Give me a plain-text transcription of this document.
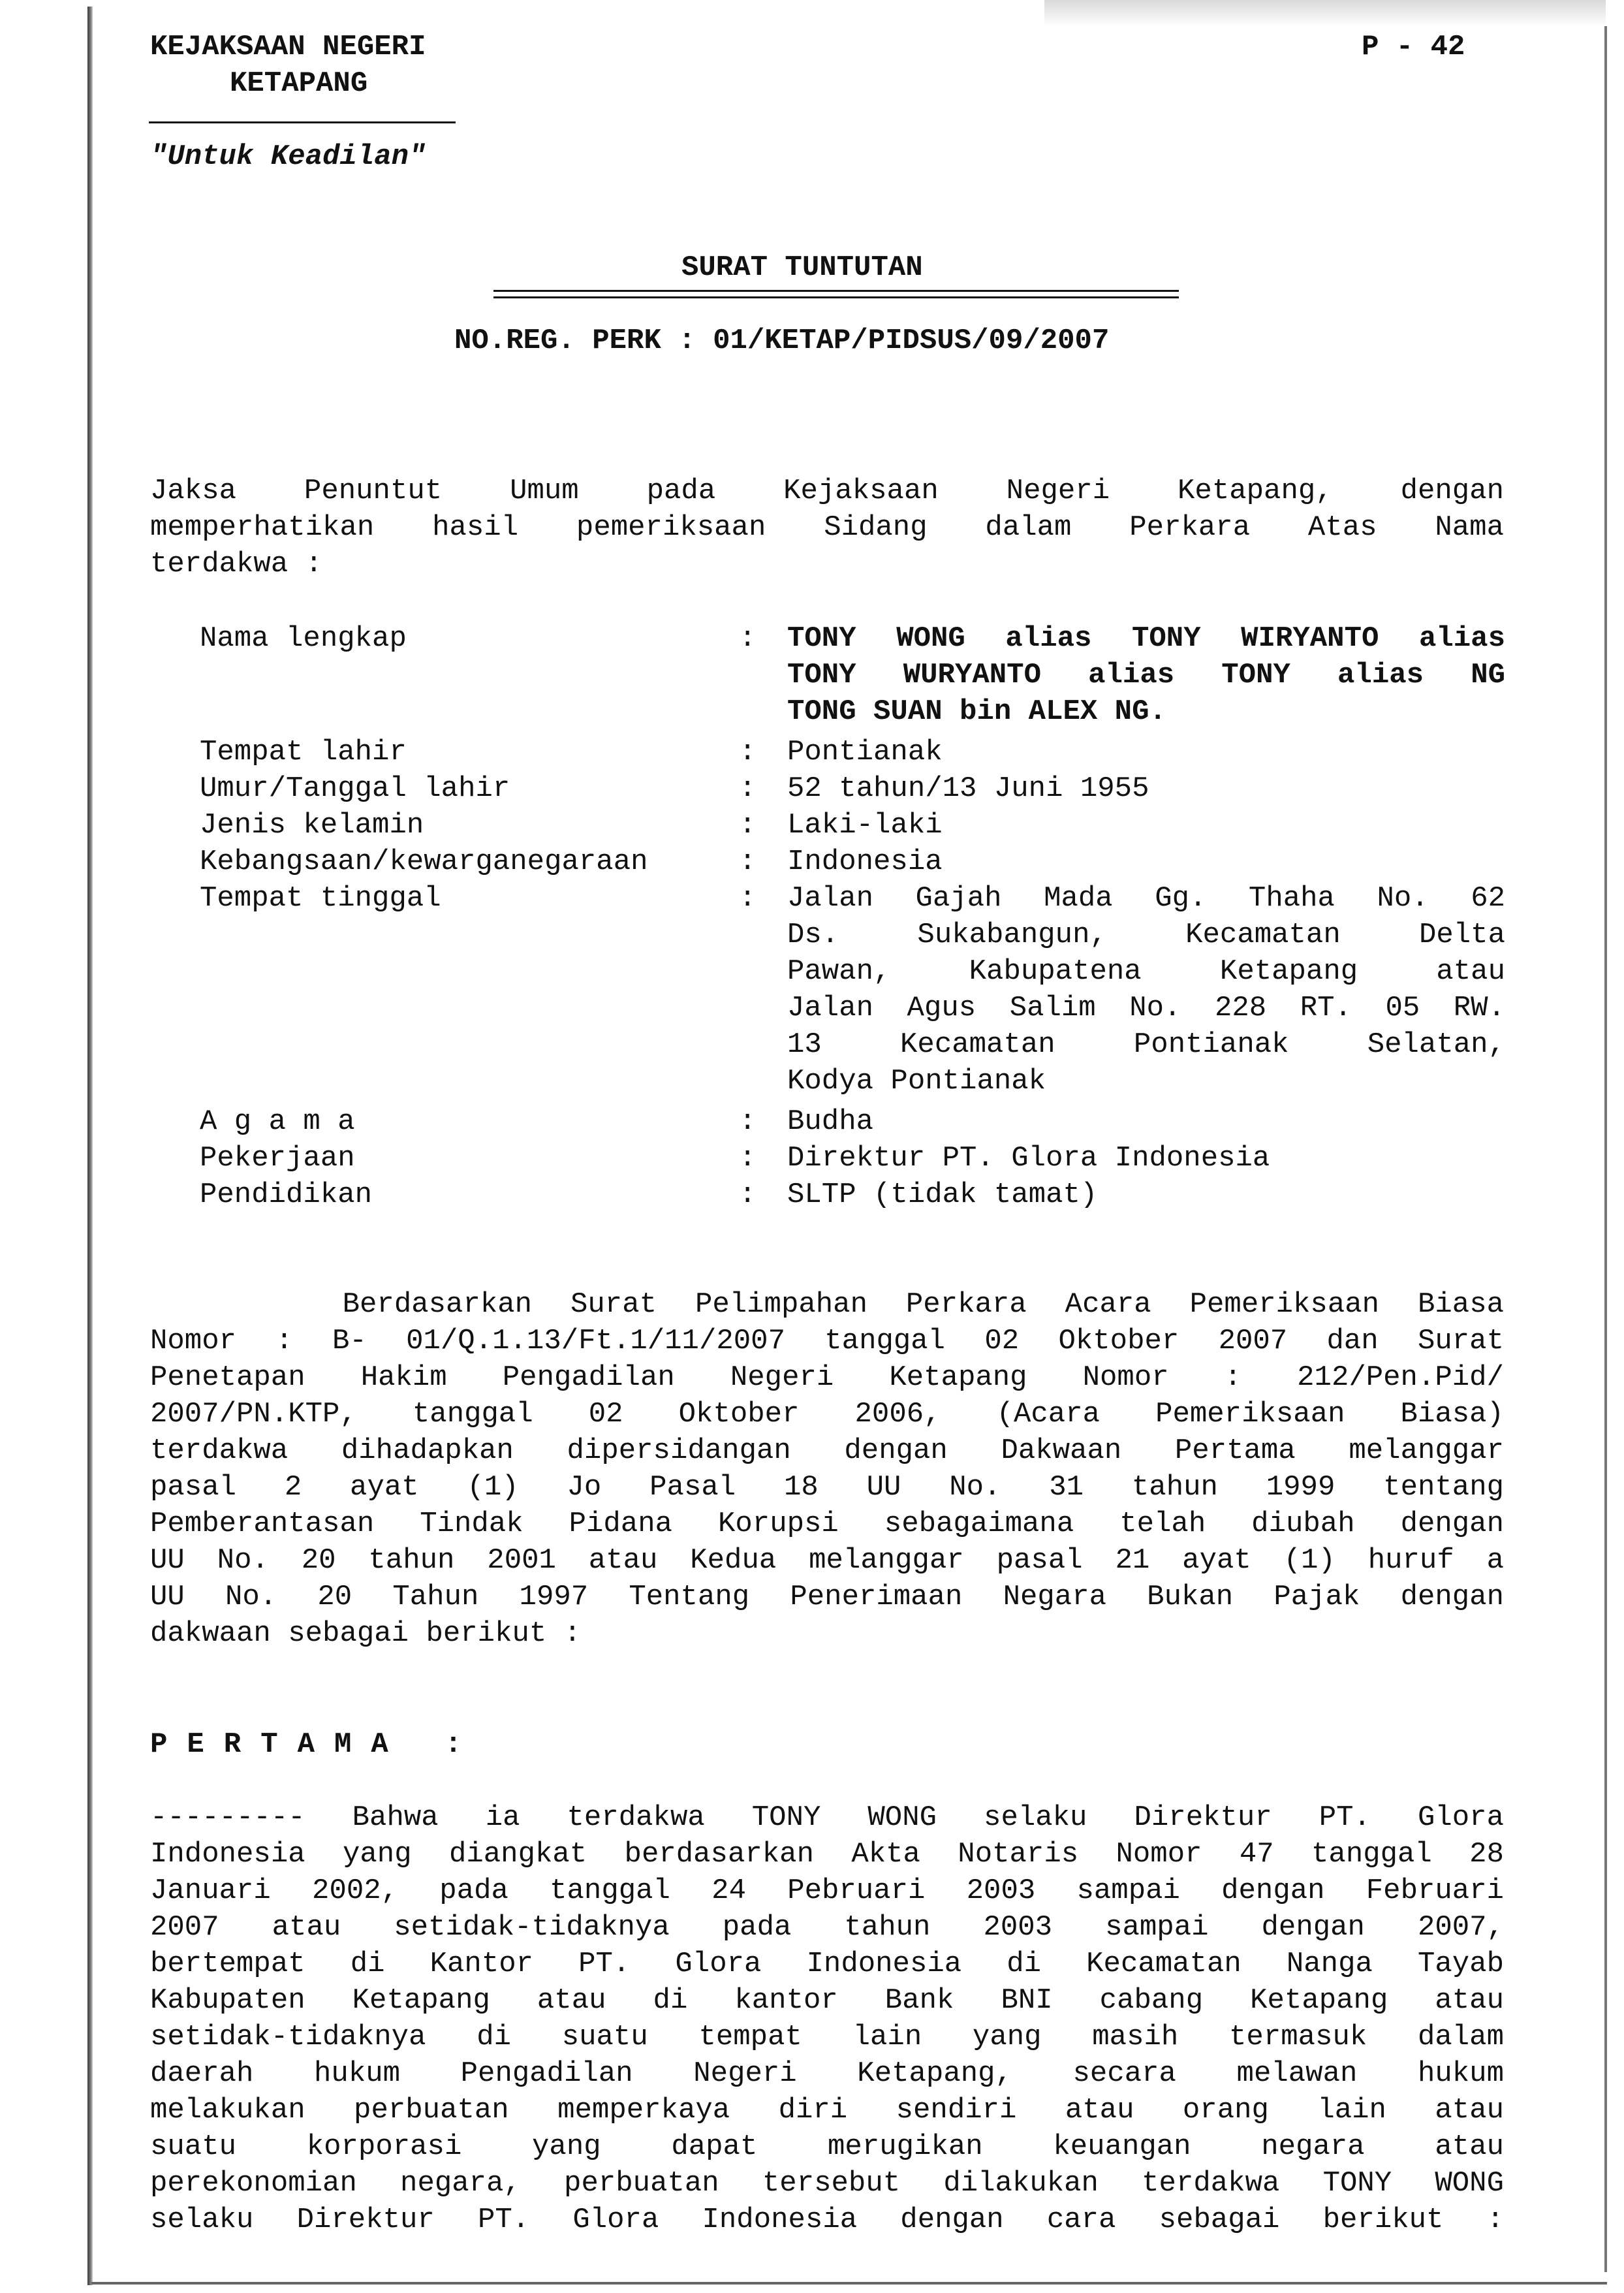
KEJAKSAAN NEGERI
KETAPANG
"Untuk Keadilan"
P - 42
SURAT TUNTUTAN
NO.REG. PERK : 01/KETAP/PIDSUS/09/2007
Jaksa Penuntut Umum pada Kejaksaan Negeri Ketapang, dengan
memperhatikan hasil pemeriksaan Sidang dalam Perkara Atas Nama
terdakwa :
Nama lengkap	: TONY WONG alias TONY WIRYANTO alias
TONY WURYANTO alias TONY alias NG
TONG SUAN bin ALEX NG.
Tempat lahir	: Pontianak
Umur/Tanggal lahir	: 52 tahun/13 Juni 1955
Jenis kelamin	: Laki-laki
Kebangsaan/kewarganegaraan	: Indonesia
Tempat tinggal	: Jalan Gajah Mada Gg. Thaha No. 62
Ds. Sukabangun, Kecamatan Delta
Pawan, Kabupatena Ketapang atau
Jalan Agus Salim No. 228 RT. 05 RW.
13 Kecamatan Pontianak Selatan,
Kodya Pontianak
A g a m a	: Budha
Pekerjaan	: Direktur PT. Glora Indonesia
Pendidikan	: SLTP (tidak tamat)
Berdasarkan Surat Pelimpahan Perkara Acara Pemeriksaan Biasa
Nomor : B- 01/Q.1.13/Ft.1/11/2007 tanggal 02 Oktober 2007 dan Surat
Penetapan Hakim Pengadilan Negeri Ketapang Nomor : 212/Pen.Pid/
2007/PN.KTP, tanggal 02 Oktober 2006, (Acara Pemeriksaan Biasa)
terdakwa dihadapkan dipersidangan dengan Dakwaan Pertama melanggar
pasal 2 ayat (1) Jo Pasal 18 UU No. 31 tahun 1999 tentang
Pemberantasan Tindak Pidana Korupsi sebagaimana telah diubah dengan
UU No. 20 tahun 2001 atau Kedua melanggar pasal 21 ayat (1) huruf a
UU No. 20 Tahun 1997 Tentang Penerimaan Negara Bukan Pajak dengan
dakwaan sebagai berikut :
PERTAMA :
--------- Bahwa ia terdakwa TONY WONG selaku Direktur PT. Glora
Indonesia yang diangkat berdasarkan Akta Notaris Nomor 47 tanggal 28
Januari 2002, pada tanggal 24 Pebruari 2003 sampai dengan Februari
2007 atau setidak-tidaknya pada tahun 2003 sampai dengan 2007,
bertempat di Kantor PT. Glora Indonesia di Kecamatan Nanga Tayab
Kabupaten Ketapang atau di kantor Bank BNI cabang Ketapang atau
setidak-tidaknya di suatu tempat lain yang masih termasuk dalam
daerah hukum Pengadilan Negeri Ketapang, secara melawan hukum
melakukan perbuatan memperkaya diri sendiri atau orang lain atau
suatu korporasi yang dapat merugikan keuangan negara atau
perekonomian negara, perbuatan tersebut dilakukan terdakwa TONY WONG
selaku Direktur PT. Glora Indonesia dengan cara sebagai berikut :
